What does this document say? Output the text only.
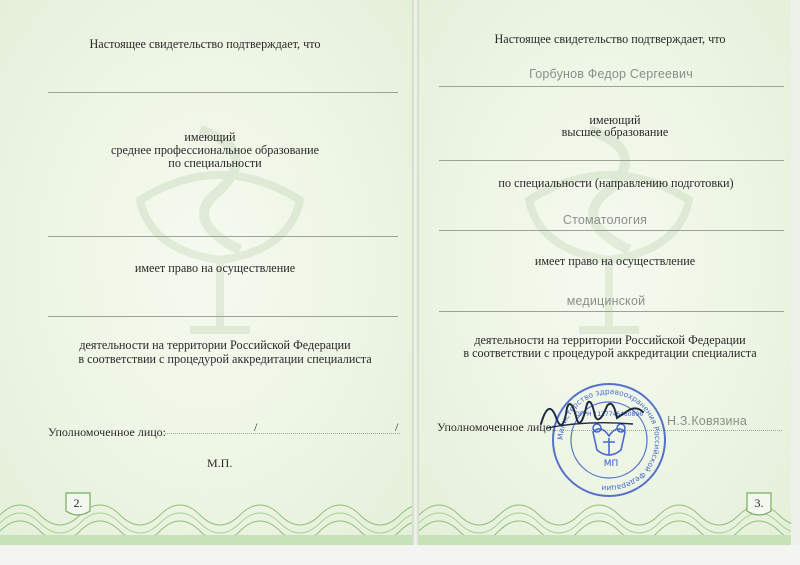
Настоящее свидетельство подтверждает, что
имеющий
среднее профессиональное образование
по специальности
имеет право на осуществление
деятельности на территории Российской Федерации
в соответствии с процедурой аккредитации специалиста
Уполномоченное лицо:	/	/
М.П.
2.
Настоящее свидетельство подтверждает, что
Горбунов Федор Сергеевич
имеющий
высшее образование
по специальности (направлению подготовки)
Стоматология
имеет право на осуществление
медицинской
деятельности на территории Российской Федерации
в соответствии с процедурой аккредитации специалиста
Уполномоченное лицо:	Н.З.Ковязина
Министерство здравоохранения Российской Федерации
ОГРН 1127746460896
МП
3.
